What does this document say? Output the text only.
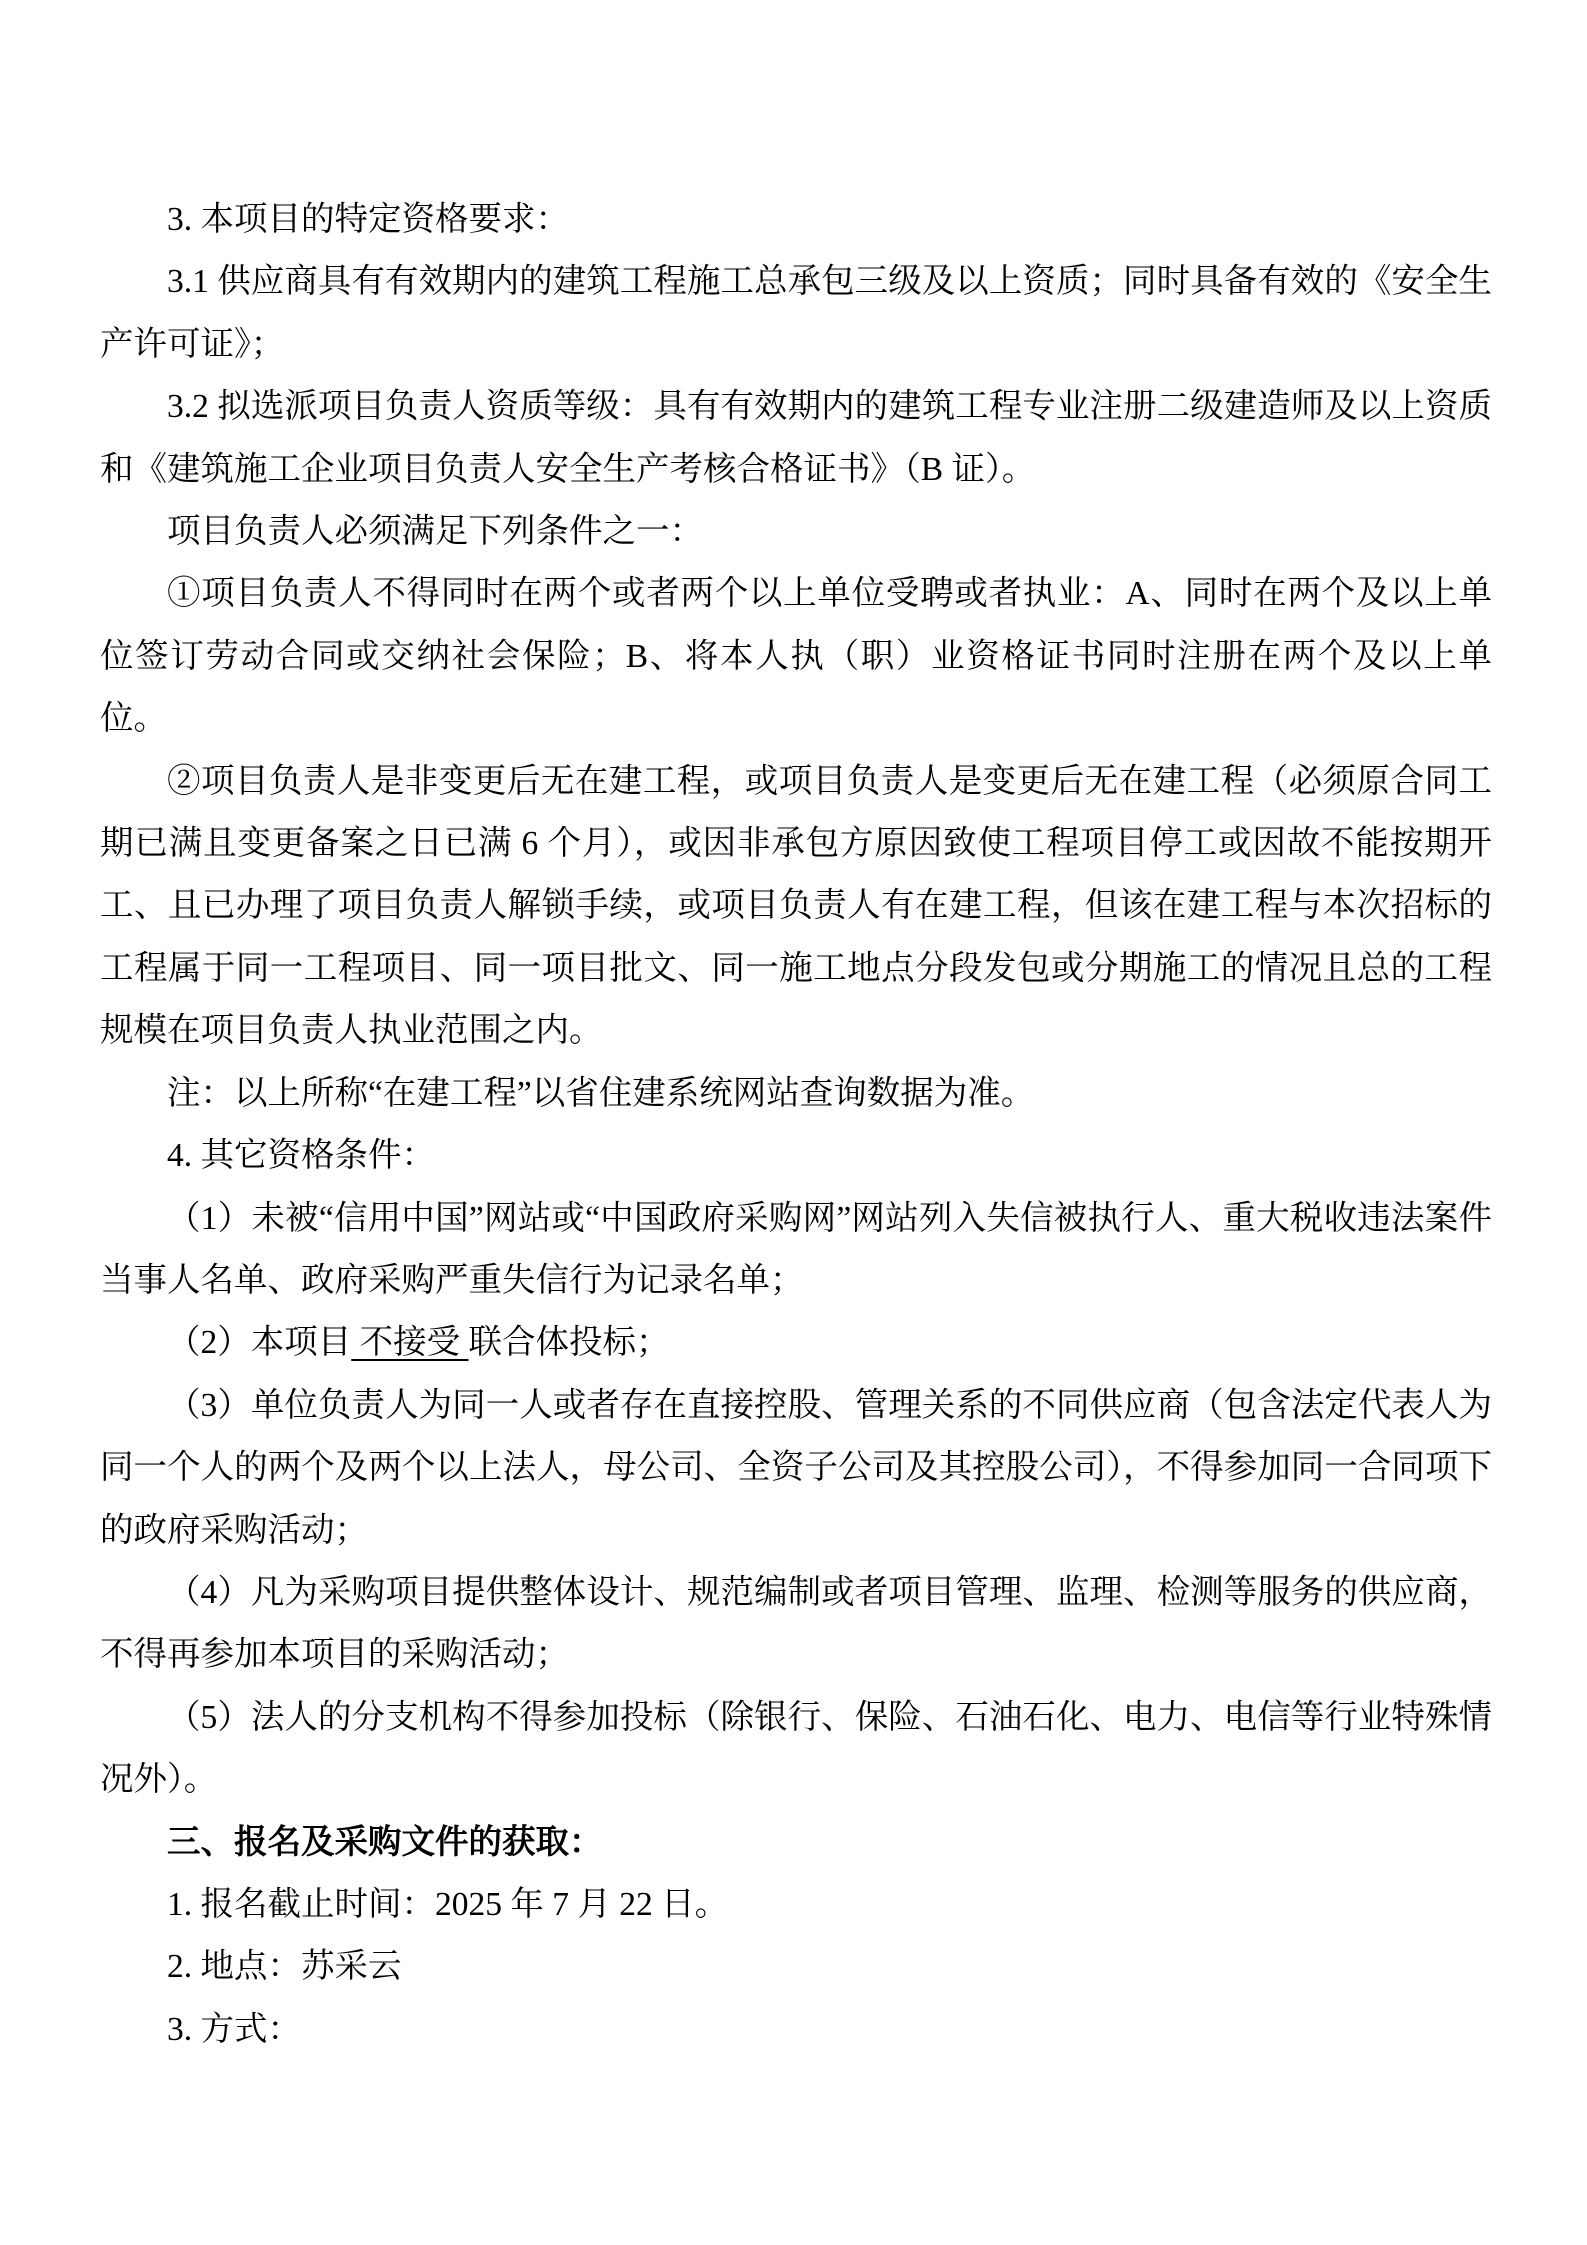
3. 本项目的特定资格要求：

3.1 供应商具有有效期内的建筑工程施工总承包三级及以上资质；同时具备有效的《安全生产许可证》；

3.2 拟选派项目负责人资质等级：具有有效期内的建筑工程专业注册二级建造师及以上资质和《建筑施工企业项目负责人安全生产考核合格证书》（B 证）。

项目负责人必须满足下列条件之一：

①项目负责人不得同时在两个或者两个以上单位受聘或者执业：A、同时在两个及以上单位签订劳动合同或交纳社会保险；B、将本人执（职）业资格证书同时注册在两个及以上单位。

②项目负责人是非变更后无在建工程，或项目负责人是变更后无在建工程（必须原合同工期已满且变更备案之日已满 6 个月），或因非承包方原因致使工程项目停工或因故不能按期开工、且已办理了项目负责人解锁手续，或项目负责人有在建工程，但该在建工程与本次招标的工程属于同一工程项目、同一项目批文、同一施工地点分段发包或分期施工的情况且总的工程规模在项目负责人执业范围之内。

注：以上所称“在建工程”以省住建系统网站查询数据为准。

4. 其它资格条件：

（1）未被“信用中国”网站或“中国政府采购网”网站列入失信被执行人、重大税收违法案件当事人名单、政府采购严重失信行为记录名单；

（2）本项目 不接受 联合体投标；

（3）单位负责人为同一人或者存在直接控股、管理关系的不同供应商（包含法定代表人为同一个人的两个及两个以上法人，母公司、全资子公司及其控股公司），不得参加同一合同项下的政府采购活动；

（4）凡为采购项目提供整体设计、规范编制或者项目管理、监理、检测等服务的供应商，不得再参加本项目的采购活动；

（5）法人的分支机构不得参加投标（除银行、保险、石油石化、电力、电信等行业特殊情况外）。

三、报名及采购文件的获取：

1. 报名截止时间：2025 年 7 月 22 日。

2. 地点：苏采云

3. 方式：
